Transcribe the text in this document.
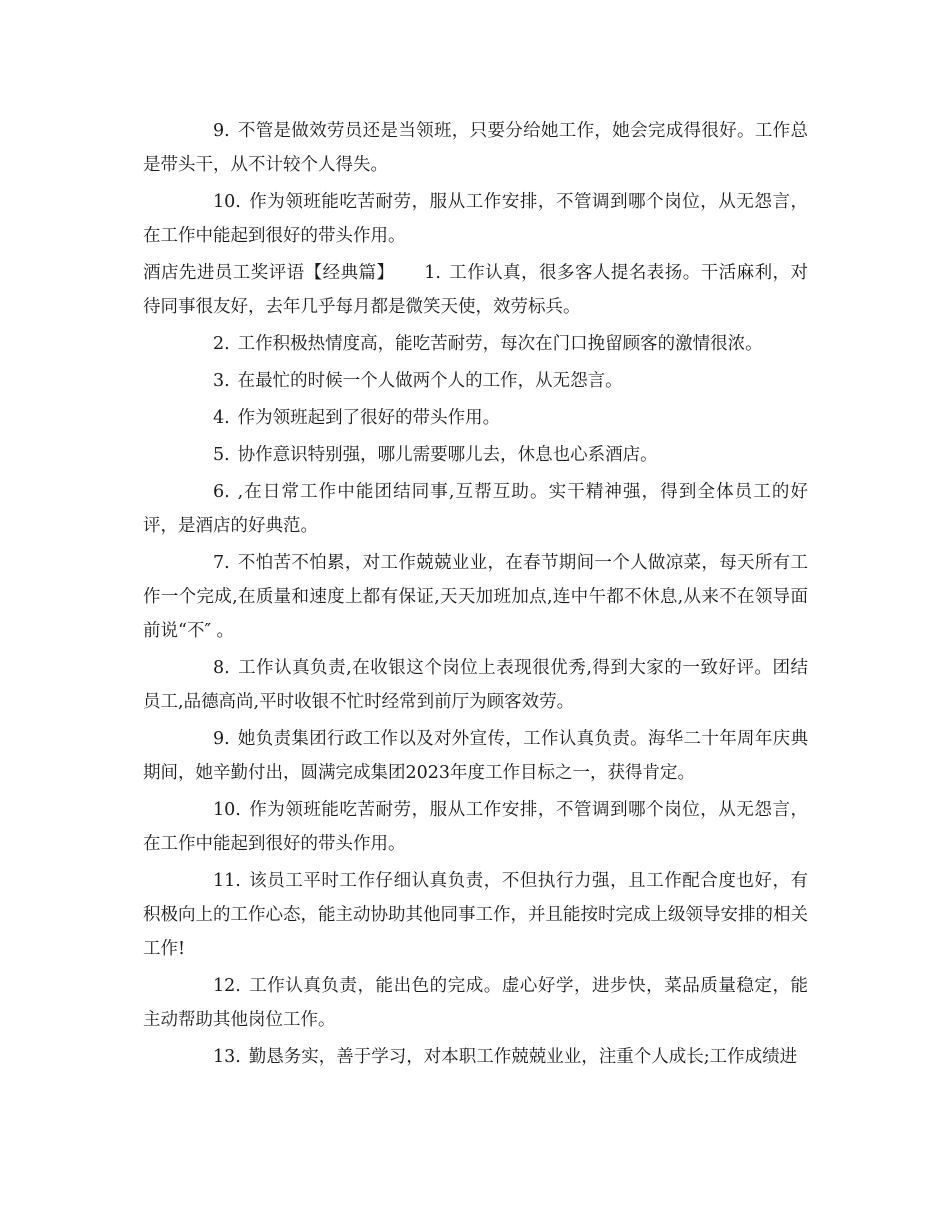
9. 不管是做效劳员还是当领班，只要分给她工作，她会完成得很好。工作总是带头干，从不计较个人得失。

10. 作为领班能吃苦耐劳，服从工作安排，不管调到哪个岗位，从无怨言，在工作中能起到很好的带头作用。

酒店先进员工奖评语【经典篇】 1. 工作认真，很多客人提名表扬。干活麻利，对待同事很友好，去年几乎每月都是微笑天使，效劳标兵。

2. 工作积极热情度高，能吃苦耐劳，每次在门口挽留顾客的激情很浓。

3. 在最忙的时候一个人做两个人的工作，从无怨言。

4. 作为领班起到了很好的带头作用。

5. 协作意识特别强，哪儿需要哪儿去，休息也心系酒店。

6. ,在日常工作中能团结同事,互帮互助。实干精神强，得到全体员工的好评，是酒店的好典范。

7. 不怕苦不怕累，对工作兢兢业业，在春节期间一个人做凉菜，每天所有工作一个完成,在质量和速度上都有保证,天天加班加点,连中午都不休息,从来不在领导面前说“不″ 。

8. 工作认真负责,在收银这个岗位上表现很优秀,得到大家的一致好评。团结员工,品德高尚,平时收银不忙时经常到前厅为顾客效劳。

9. 她负责集团行政工作以及对外宣传，工作认真负责。海华二十年周年庆典期间，她辛勤付出，圆满完成集团2023年度工作目标之一，获得肯定。

10. 作为领班能吃苦耐劳，服从工作安排，不管调到哪个岗位，从无怨言，在工作中能起到很好的带头作用。

11. 该员工平时工作仔细认真负责，不但执行力强，且工作配合度也好，有积极向上的工作心态，能主动协助其他同事工作，并且能按时完成上级领导安排的相关工作!

12. 工作认真负责，能出色的完成。虚心好学，进步快，菜品质量稳定，能主动帮助其他岗位工作。

13. 勤恳务实，善于学习，对本职工作兢兢业业，注重个人成长;工作成绩进
